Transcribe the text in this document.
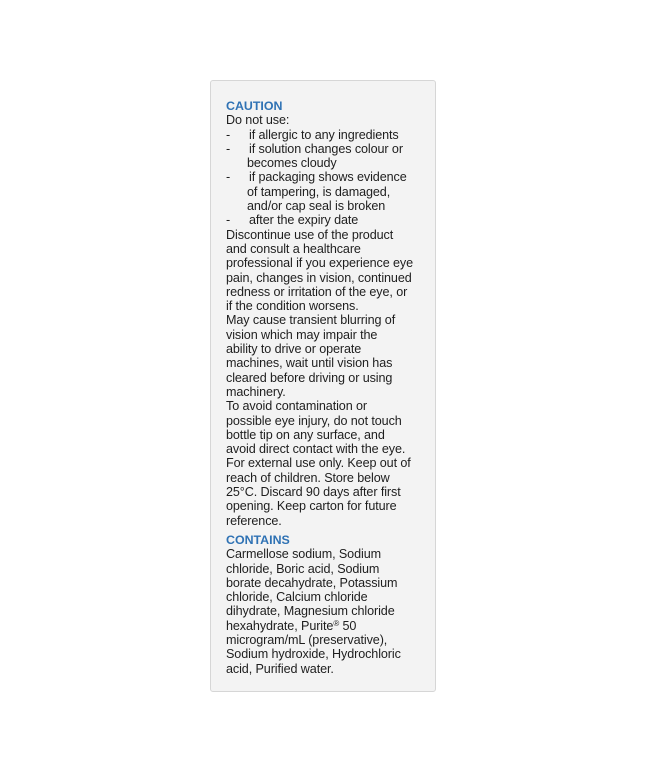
CAUTION
Do not use:
-	if allergic to any ingredients
-	if solution changes colour or
becomes cloudy
-	if packaging shows evidence
of tampering, is damaged,
and/or cap seal is broken
-	after the expiry date
Discontinue use of the product
and consult a healthcare
professional if you experience eye
pain, changes in vision, continued
redness or irritation of the eye, or
if the condition worsens.
May cause transient blurring of
vision which may impair the
ability to drive or operate
machines, wait until vision has
cleared before driving or using
machinery.
To avoid contamination or
possible eye injury, do not touch
bottle tip on any surface, and
avoid direct contact with the eye.
For external use only. Keep out of
reach of children. Store below
25°C. Discard 90 days after first
opening. Keep carton for future
reference.
CONTAINS
Carmellose sodium, Sodium
chloride, Boric acid, Sodium
borate decahydrate, Potassium
chloride, Calcium chloride
dihydrate, Magnesium chloride
hexahydrate, Purite® 50
microgram/mL (preservative),
Sodium hydroxide, Hydrochloric
acid, Purified water.
